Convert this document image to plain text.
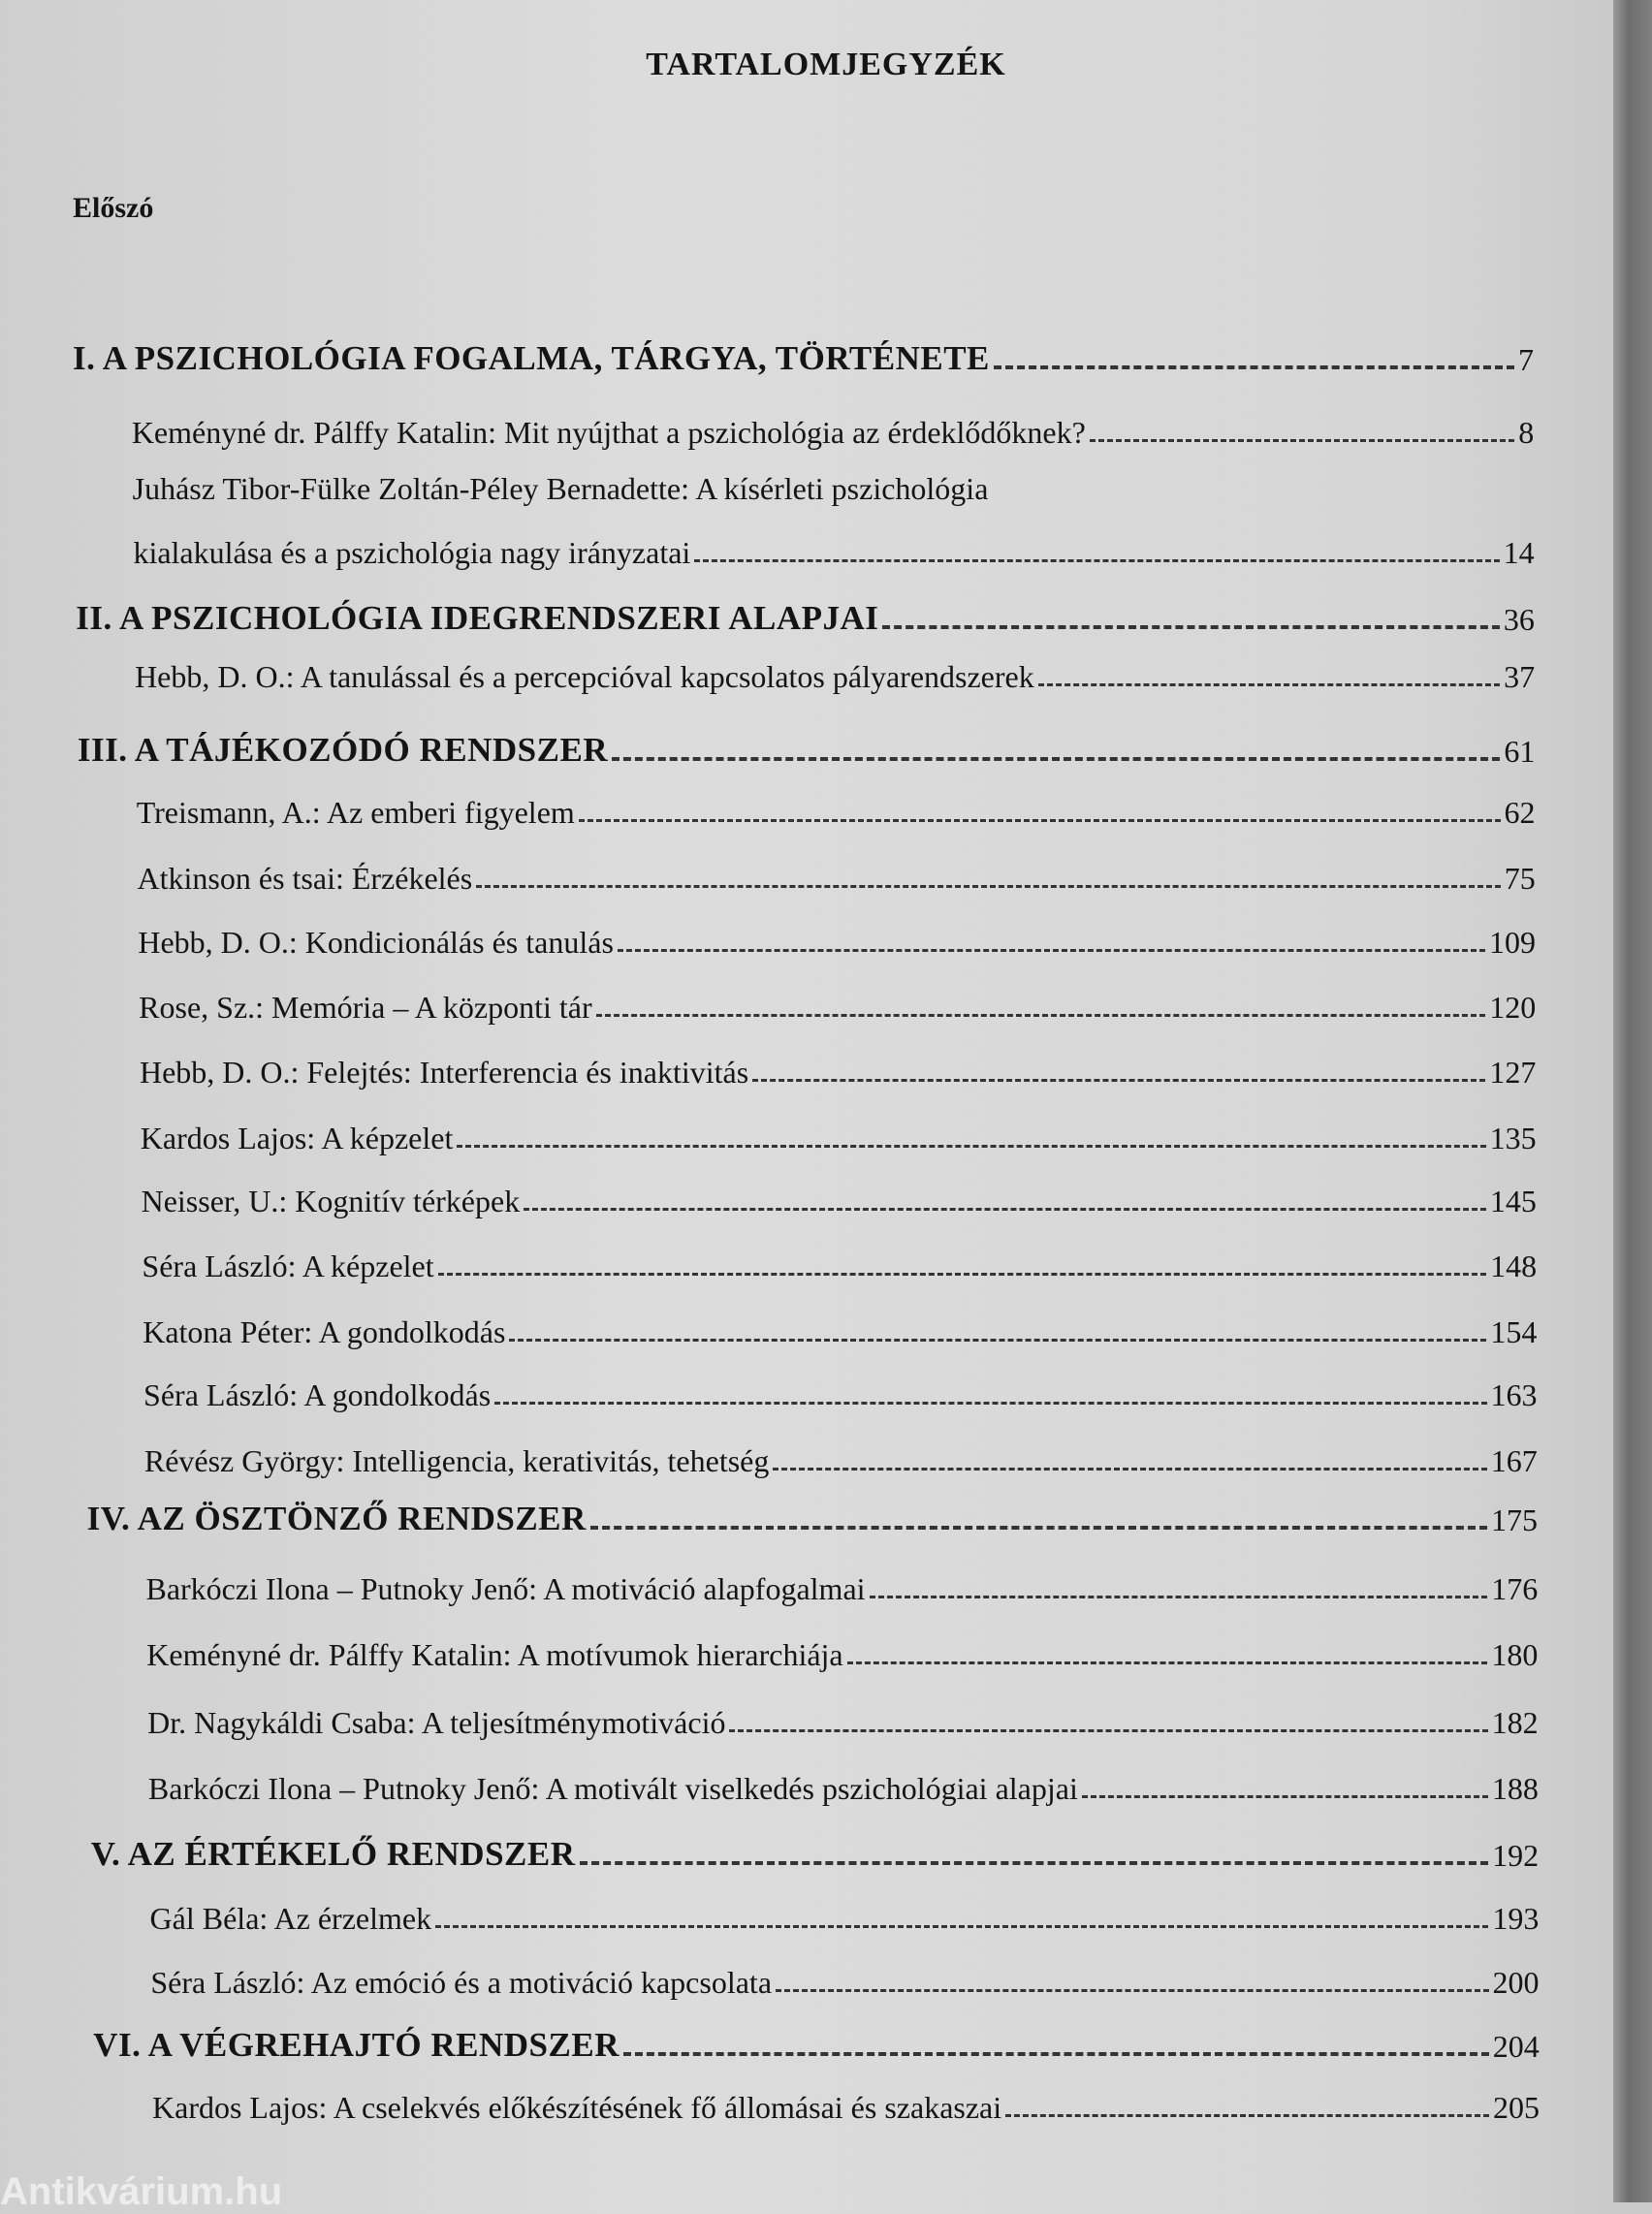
TARTALOMJEGYZÉK
Előszó
I. A PSZICHOLÓGIA FOGALMA, TÁRGYA, TÖRTÉNETE	7
Keményné dr. Pálffy Katalin: Mit nyújthat a pszichológia az érdeklődőknek?	8
Juhász Tibor-Fülke Zoltán-Péley Bernadette: A kísérleti pszichológia
kialakulása és a pszichológia nagy irányzatai	14
II. A PSZICHOLÓGIA IDEGRENDSZERI ALAPJAI	36
Hebb, D. O.: A tanulással és a percepcióval kapcsolatos pályarendszerek	37
III. A TÁJÉKOZÓDÓ RENDSZER	61
Treismann, A.: Az emberi figyelem	62
Atkinson és tsai: Érzékelés	75
Hebb, D. O.: Kondicionálás és tanulás	109
Rose, Sz.: Memória – A központi tár	120
Hebb, D. O.: Felejtés: Interferencia és inaktivitás	127
Kardos Lajos: A képzelet	135
Neisser, U.: Kognitív térképek	145
Séra László: A képzelet	148
Katona Péter: A gondolkodás	154
Séra László: A gondolkodás	163
Révész György: Intelligencia, kerativitás, tehetség	167
IV. AZ ÖSZTÖNZŐ RENDSZER	175
Barkóczi Ilona – Putnoky Jenő: A motiváció alapfogalmai	176
Keményné dr. Pálffy Katalin: A motívumok hierarchiája	180
Dr. Nagykáldi Csaba: A teljesítménymotiváció	182
Barkóczi Ilona – Putnoky Jenő: A motivált viselkedés pszichológiai alapjai	188
V. AZ ÉRTÉKELŐ RENDSZER	192
Gál Béla: Az érzelmek	193
Séra László: Az emóció és a motiváció kapcsolata	200
VI. A VÉGREHAJTÓ RENDSZER	204
Kardos Lajos: A cselekvés előkészítésének fő állomásai és szakaszai	205
Antikvárium.hu
